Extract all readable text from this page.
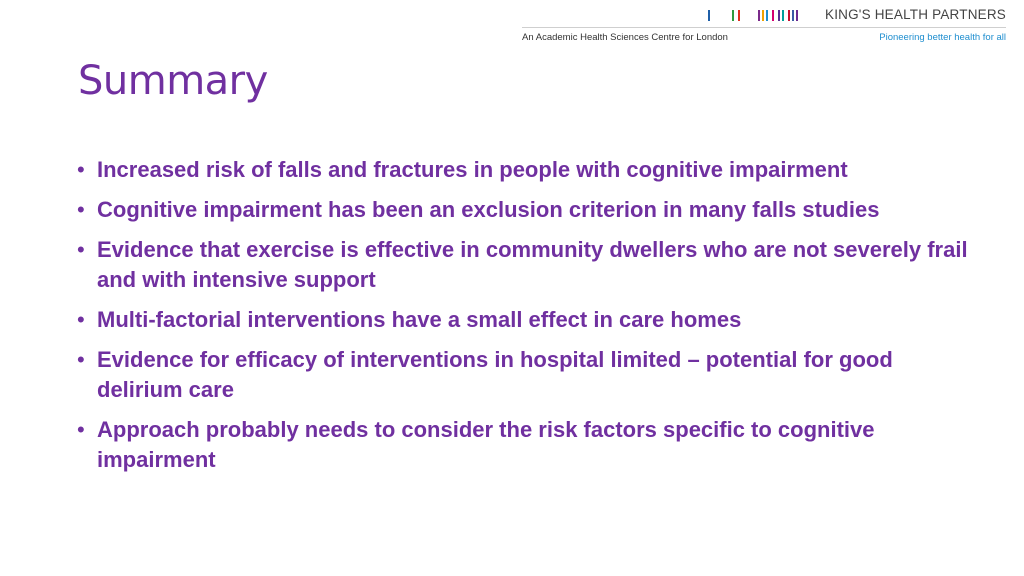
KING'S HEALTH PARTNERS
An Academic Health Sciences Centre for London	Pioneering better health for all
Summary
• Increased risk of falls and fractures in people with cognitive impairment
• Cognitive impairment has been an exclusion criterion in many falls studies
• Evidence that exercise is effective in community dwellers who are not severely frail and with intensive support
• Multi-factorial interventions have a small effect in care homes
• Evidence for efficacy of interventions in hospital limited – potential for good delirium care
• Approach probably needs to consider the risk factors specific to cognitive impairment
